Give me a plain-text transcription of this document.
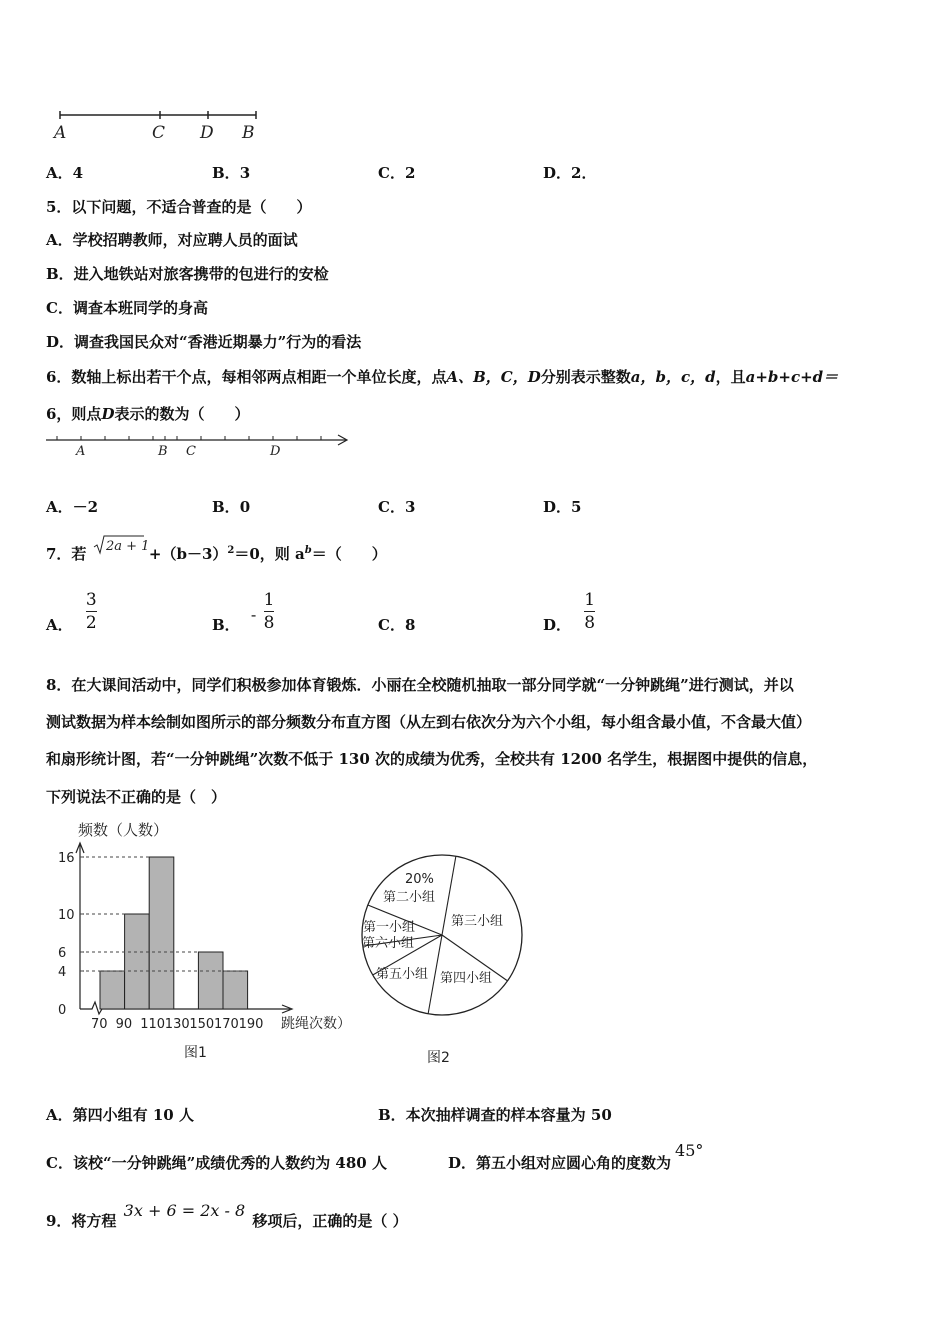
A	C D B
A．4	B．3	C．2	D．2．
5．以下问题，不适合普查的是（　　）
A．学校招聘教师，对应聘人员的面试
B．进入地铁站对旅客携带的包进行的安检
C．调查本班同学的身高
D．调查我国民众对“香港近期暴力”行为的看法
6．数轴上标出若干个点，每相邻两点相距一个单位长度，点A、B，C，D分别表示整数a，b，c，d，且a+b+c+d＝
6，则点D表示的数为（　　）
A	B C	D
A．－2	B．0	C．3	D．5
7．若 $2a + 1 +(b-3)^2=0$，则 $a^b=$（　　）
A． $\frac{3}{2}$	B． - $\frac{1}{8}$	C．8	D． $\frac{1}{8}$
8．在大课间活动中，同学们积极参加体育锻炼．小丽在全校随机抽取一部分同学就“一分钟跳绳”进行测试，并以
测试数据为样本绘制如图所示的部分频数分布直方图（从左到右依次分为六个小组，每小组含最小值，不含最大值）
和扇形统计图，若“一分钟跳绳”次数不低于 130 次的成绩为优秀，全校共有 1200 名学生，根据图中提供的信息，
下列说法不正确的是（　）
频数（人数）
图1
跳绳次数）
0
4
6
10
16
70 90 110 130 150 170 190
20%
第二小组
第三小组
第四小组
第五小组
第六小组
第一小组
图2
A．第四小组有 10 人	B．本次抽样调查的样本容量为 50
C．该校“一分钟跳绳”成绩优秀的人数约为 480 人	D．第五小组对应圆心角的度数为45°
9．将方程 3x + 6 = 2x - 8 移项后，正确的是（ ）
